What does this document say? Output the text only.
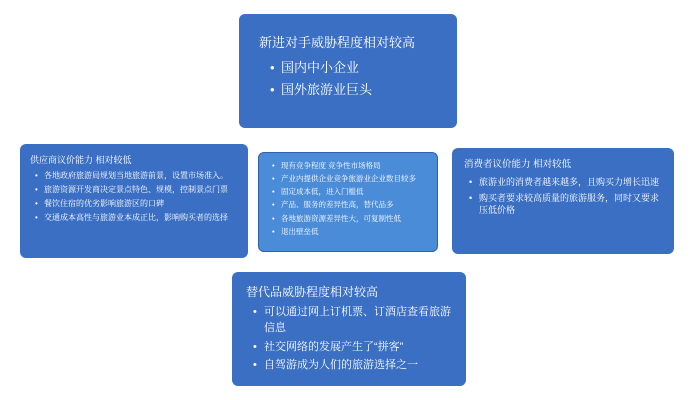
新进对手威胁程度相对较高
• 国内中小企业
• 国外旅游业巨头
供应商议价能力 相对较低
• 各地政府旅游局规划当地旅游前景，设置市场准入。
• 旅游资源开发商决定景点特色、规模，控制景点门票
• 餐饮住宿的优劣影响旅游区的口碑
• 交通成本高性与旅游业本成正比，影响购买者的选择
• 现有竞争程度 竞争性市场格局
• 产业内提供企业竞争旅游业企业数目较多
• 固定成本低，进入门槛低
• 产品、服务的差异性高，替代品多
• 各地旅游资源差异性大，可复制性低
• 退出壁垒低
消费者议价能力 相对较低
• 旅游业的消费者越来越多，且购买力增长迅速
• 购买者要求较高质量的旅游服务，同时又要求压低价格
替代品威胁程度相对较高
• 可以通过网上订机票、订酒店查看旅游信息
• 社交网络的发展产生了“拼客”
• 自驾游成为人们的旅游选择之一
